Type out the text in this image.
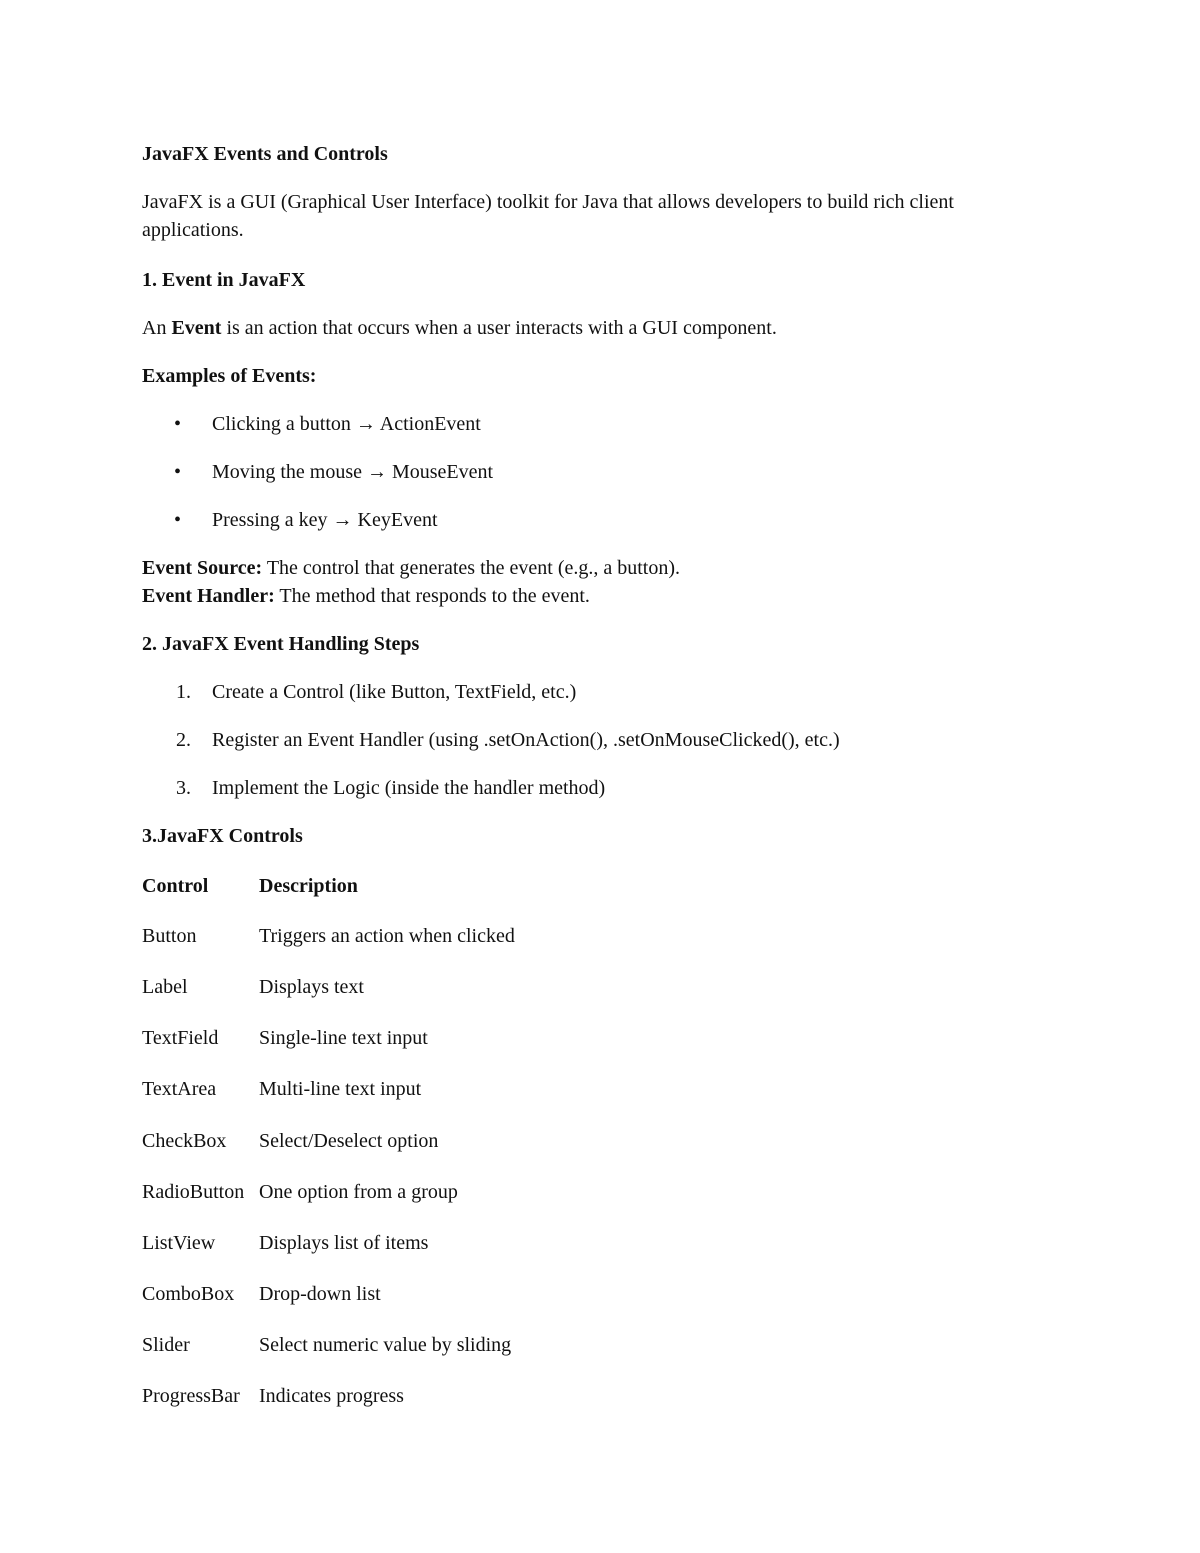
JavaFX Events and Controls
JavaFX is a GUI (Graphical User Interface) toolkit for Java that allows developers to build rich client
applications.
1. Event in JavaFX
An Event is an action that occurs when a user interacts with a GUI component.
Examples of Events:
• Clicking a button → ActionEvent
• Moving the mouse → MouseEvent
• Pressing a key → KeyEvent
Event Source: The control that generates the event (e.g., a button).
Event Handler: The method that responds to the event.
2. JavaFX Event Handling Steps
1. Create a Control (like Button, TextField, etc.)
2. Register an Event Handler (using .setOnAction(), .setOnMouseClicked(), etc.)
3. Implement the Logic (inside the handler method)
3.JavaFX Controls
Control	Description
Button	Triggers an action when clicked
Label	Displays text
TextField Single-line text input
TextArea Multi-line text input
CheckBox Select/Deselect option
RadioButton One option from a group
ListView Displays list of items
ComboBox Drop-down list
Slider	Select numeric value by sliding
ProgressBar Indicates progress
